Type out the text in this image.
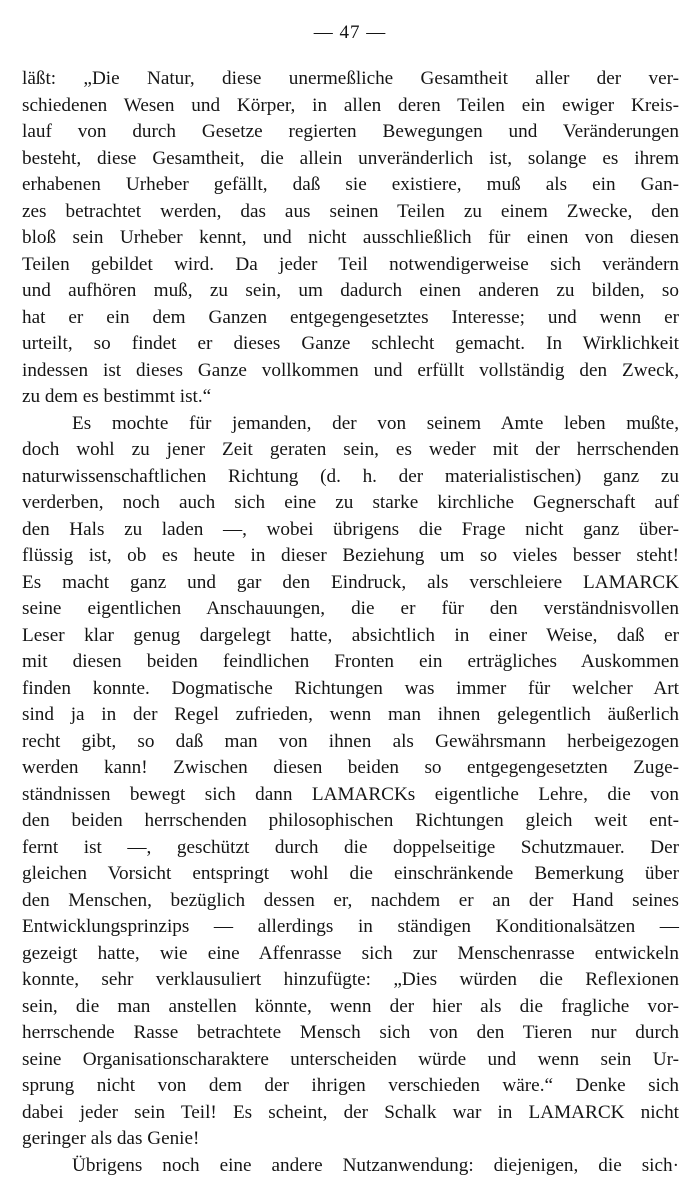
— 47 —
läßt: „Die Natur, diese unermeßliche Gesamtheit aller der ver-
schiedenen Wesen und Körper, in allen deren Teilen ein ewiger Kreis-
lauf von durch Gesetze regierten Bewegungen und Veränderungen
besteht, diese Gesamtheit, die allein unveränderlich ist, solange es ihrem
erhabenen Urheber gefällt, daß sie existiere, muß als ein Gan-
zes betrachtet werden, das aus seinen Teilen zu einem Zwecke, den
bloß sein Urheber kennt, und nicht ausschließlich für einen von diesen
Teilen gebildet wird. Da jeder Teil notwendigerweise sich verändern
und aufhören muß, zu sein, um dadurch einen anderen zu bilden, so
hat er ein dem Ganzen entgegengesetztes Interesse; und wenn er
urteilt, so findet er dieses Ganze schlecht gemacht. In Wirklichkeit
indessen ist dieses Ganze vollkommen und erfüllt vollständig den Zweck,
zu dem es bestimmt ist.“
Es mochte für jemanden, der von seinem Amte leben mußte,
doch wohl zu jener Zeit geraten sein, es weder mit der herrschenden
naturwissenschaftlichen Richtung (d. h. der materialistischen) ganz zu
verderben, noch auch sich eine zu starke kirchliche Gegnerschaft auf
den Hals zu laden —, wobei übrigens die Frage nicht ganz über-
flüssig ist, ob es heute in dieser Beziehung um so vieles besser steht!
Es macht ganz und gar den Eindruck, als verschleiere LAMARCK
seine eigentlichen Anschauungen, die er für den verständnisvollen
Leser klar genug dargelegt hatte, absichtlich in einer Weise, daß er
mit diesen beiden feindlichen Fronten ein erträgliches Auskommen
finden konnte. Dogmatische Richtungen was immer für welcher Art
sind ja in der Regel zufrieden, wenn man ihnen gelegentlich äußerlich
recht gibt, so daß man von ihnen als Gewährsmann herbeigezogen
werden kann! Zwischen diesen beiden so entgegengesetzten Zuge-
ständnissen bewegt sich dann LAMARCKs eigentliche Lehre, die von
den beiden herrschenden philosophischen Richtungen gleich weit ent-
fernt ist —, geschützt durch die doppelseitige Schutzmauer. Der
gleichen Vorsicht entspringt wohl die einschränkende Bemerkung über
den Menschen, bezüglich dessen er, nachdem er an der Hand seines
Entwicklungsprinzips — allerdings in ständigen Konditionalsätzen —
gezeigt hatte, wie eine Affenrasse sich zur Menschenrasse entwickeln
konnte, sehr verklausuliert hinzufügte: „Dies würden die Reflexionen
sein, die man anstellen könnte, wenn der hier als die fragliche vor-
herrschende Rasse betrachtete Mensch sich von den Tieren nur durch
seine Organisationscharaktere unterscheiden würde und wenn sein Ur-
sprung nicht von dem der ihrigen verschieden wäre.“ Denke sich
dabei jeder sein Teil! Es scheint, der Schalk war in LAMARCK nicht
geringer als das Genie!
Übrigens noch eine andere Nutzanwendung: diejenigen, die sich·
